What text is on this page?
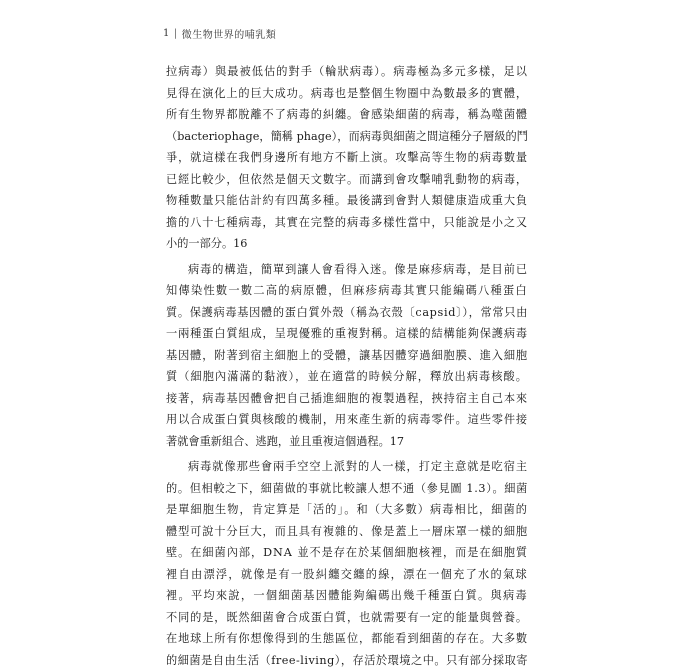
1 | 微生物世界的哺乳類
拉病毒）與最被低估的對手（輪狀病毒）。病毒極為多元多樣，足以
見得在演化上的巨大成功。病毒也是整個生物圈中為數最多的實體，
所有生物界都脫離不了病毒的糾纏。會感染細菌的病毒，稱為噬菌體
（bacteriophage，簡稱 phage），而病毒與細菌之間這種分子層級的鬥
爭，就這樣在我們身邊所有地方不斷上演。攻擊高等生物的病毒數量
已經比較少，但依然是個天文數字。而講到會攻擊哺乳動物的病毒，
物種數量只能估計約有四萬多種。最後講到會對人類健康造成重大負
擔的八十七種病毒，其實在完整的病毒多樣性當中，只能說是小之又
小的一部分。16
病毒的構造，簡單到讓人會看得入迷。像是麻疹病毒，是目前已
知傳染性數一數二高的病原體，但麻疹病毒其實只能編碼八種蛋白
質。保護病毒基因體的蛋白質外殼（稱為衣殼〔capsid〕），常常只由
一兩種蛋白質組成，呈現優雅的重複對稱。這樣的結構能夠保護病毒
基因體，附著到宿主細胞上的受體，讓基因體穿過細胞膜、進入細胞
質（細胞內滿滿的黏液），並在適當的時候分解，釋放出病毒核酸。
接著，病毒基因體會把自己插進細胞的複製過程，挾持宿主自己本來
用以合成蛋白質與核酸的機制，用來產生新的病毒零件。這些零件接
著就會重新組合、逃跑，並且重複這個過程。17
病毒就像那些會兩手空空上派對的人一樣，打定主意就是吃宿主
的。但相較之下，細菌做的事就比較讓人想不通（參見圖 1.3）。細菌
是單細胞生物，肯定算是「活的」。和（大多數）病毒相比，細菌的
體型可說十分巨大，而且具有複雜的、像是蓋上一層床罩一樣的細胞
壁。在細菌內部，DNA 並不是存在於某個細胞核裡，而是在細胞質
裡自由漂浮，就像是有一股糾纏交纏的線，漂在一個充了水的氣球
裡。平均來說，一個細菌基因體能夠編碼出幾千種蛋白質。與病毒
不同的是，既然細菌會合成蛋白質，也就需要有一定的能量與營養。
在地球上所有你想像得到的生態區位，都能看到細菌的存在。大多數
的細菌是自由生活（free-living），存活於環境之中。只有部分採取寄
